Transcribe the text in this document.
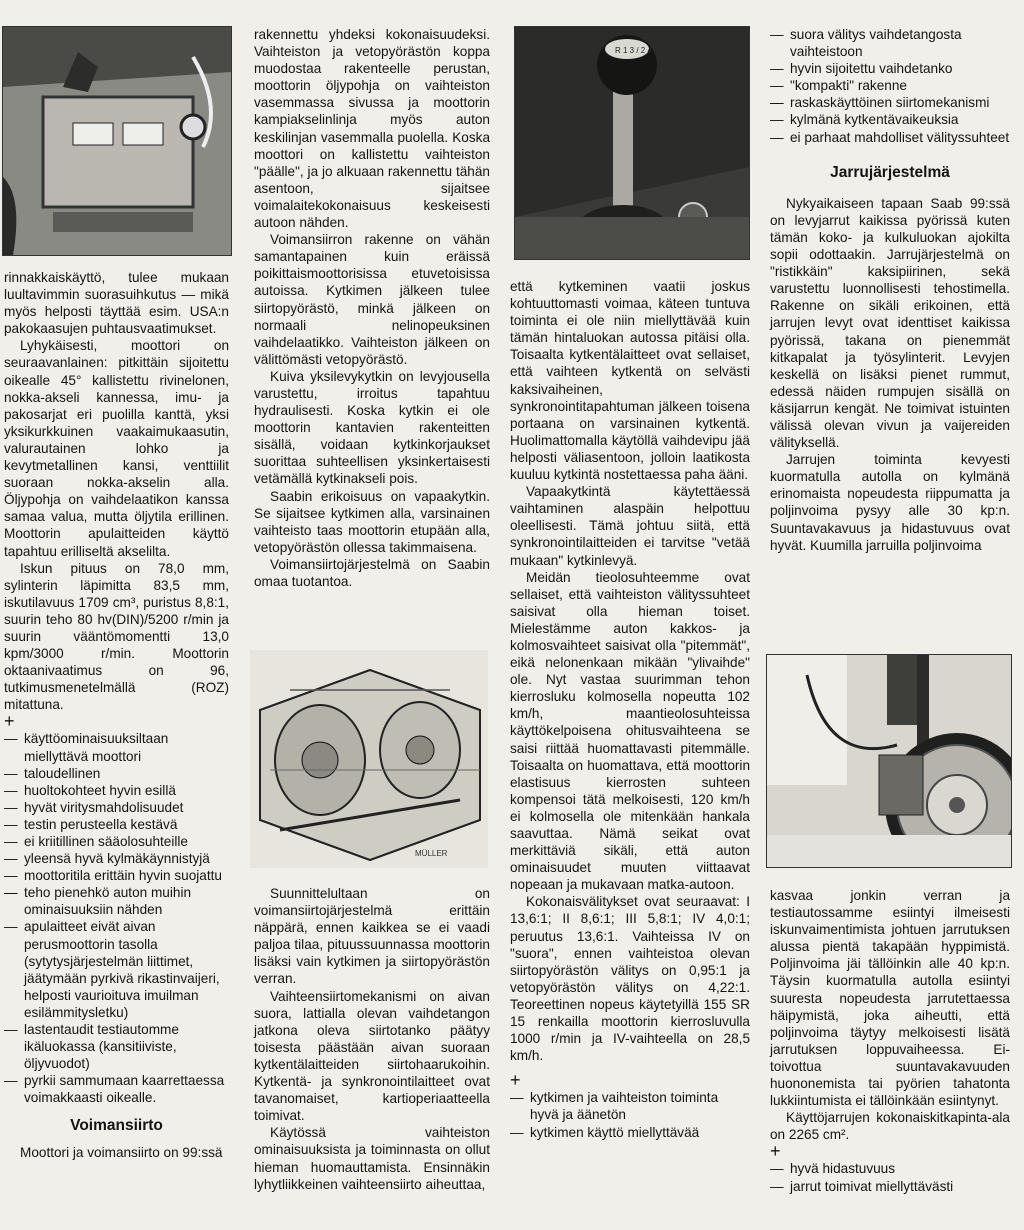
rinnakkaiskäyttö, tulee mukaan luultavimmin suorasuihkutus — mikä myös helposti täyttää esim. USA:n pakokaasujen puhtausvaatimukset.

Lyhykäisesti, moottori on seuraavanlainen: pitkittäin sijoitettu oikealle 45° kallistettu rivinelonen, nokka-akseli kannessa, imu- ja pakosarjat eri puolilla kanttä, yksi yksikurkkuinen vaakaimukaasutin, valurautainen lohko ja kevytmetallinen kansi, venttiilit suoraan nokka-akselin alla. Öljypohja on vaihdelaatikon kanssa samaa valua, mutta öljytila erillinen. Moottorin apulaitteiden käyttö tapahtuu erilliseltä akselilta.

Iskun pituus on 78,0 mm, sylinterin läpimitta 83,5 mm, iskutilavuus 1709 cm³, puristus 8,8:1, suurin teho 80 hv(DIN)/5200 r/min ja suurin vääntömomentti 13,0 kpm/3000 r/min. Moottorin oktaanivaatimus on 96, tutkimusmenetelmällä (ROZ) mitattuna.

+
— käyttöominaisuuksiltaan miellyttävä moottori
— taloudellinen
— huoltokohteet hyvin esillä
— hyvät viritysmahdolisuudet
— testin perusteella kestävä
— ei kriitillinen sääolosuhteille
— yleensä hyvä kylmäkäynnistyjä
— moottoritila erittäin hyvin suojattu
— teho pienehkö auton muihin ominaisuuksiin nähden
— apulaitteet eivät aivan perusmoottorin tasolla (sytytysjärjestelmän liittimet, jäätymään pyrkivä rikastinvaijeri, helposti vaurioituva imuilman esilämmitysletku)
— lastentaudit testiautomme ikäluokassa (kansitiiviste, öljyvuodot)
— pyrkii sammumaan kaarrettaessa voimakkaasti oikealle.
Voimansiirto

Moottori ja voimansiirto on 99:ssä

rakennettu yhdeksi kokonaisuudeksi. Vaihteiston ja vetopyörästön koppa muodostaa rakenteelle perustan, moottorin öljypohja on vaihteiston vasemmassa sivussa ja moottorin kampiakselinlinja myös auton keskilinjan vasemmalla puolella. Koska moottori on kallistettu vaihteiston "päälle", ja jo alkuaan rakennettu tähän asentoon, sijaitsee voimalaitekokonaisuus keskeisesti autoon nähden.

Voimansiirron rakenne on vähän samantapainen kuin eräissä poikittaismoottorisissa etuvetoisissa autoissa. Kytkimen jälkeen tulee siirtopyörästö, minkä jälkeen on normaali nelinopeuksinen vaihdelaatikko. Vaihteiston jälkeen on välittömästi vetopyörästö.

Kuiva yksilevykytkin on levyjousella varustettu, irroitus tapahtuu hydraulisesti. Koska kytkin ei ole moottorin kantavien rakenteitten sisällä, voidaan kytkinkorjaukset suorittaa suhteellisen yksinkertaisesti vetämällä kytkinakseli pois.

Saabin erikoisuus on vapaakytkin. Se sijaitsee kytkimen alla, varsinainen vaihteisto taas moottorin etupään alla, vetopyörästön ollessa takimmaisena.

Voimansiirtojärjestelmä on Saabin omaa tuotantoa.

MÜLLER

Suunnittelultaan on voimansiirtojärjestelmä erittäin näppärä, ennen kaikkea se ei vaadi paljoa tilaa, pituussuunnassa moottorin lisäksi vain kytkimen ja siirtopyörästön verran.

Vaihteensiirtomekanismi on aivan suora, lattialla olevan vaihdetangon jatkona oleva siirtotanko päätyy toisesta päästään aivan suoraan kytkentälaitteiden siirtohaarukoihin. Kytkentä- ja synkronointilaitteet ovat tavanomaiset, kartioperiaatteella toimivat.

Käytössä vaihteiston ominaisuuksista ja toiminnasta on ollut hieman huomauttamista. Ensinnäkin lyhytliikkeinen vaihteensiirto aiheuttaa,

R 1 3 / 2 4

että kytkeminen vaatii joskus kohtuuttomasti voimaa, käteen tuntuva toiminta ei ole niin miellyttävää kuin tämän hintaluokan autossa pitäisi olla. Toisaalta kytkentälaitteet ovat sellaiset, että vaihteen kytkentä on selvästi kaksivaiheinen, synkronointitapahtuman jälkeen toisena portaana on varsinainen kytkentä. Huolimattomalla käytöllä vaihdevipu jää helposti väliasentoon, jolloin laatikosta kuuluu kytkintä nostettaessa paha ääni.

Vapaakytkintä käytettäessä vaihtaminen alaspäin helpottuu oleellisesti. Tämä johtuu siitä, että synkronointilaitteiden ei tarvitse "vetää mukaan" kytkinlevyä.

Meidän tieolosuhteemme ovat sellaiset, että vaihteiston välityssuhteet saisivat olla hieman toiset. Mielestämme auton kakkos- ja kolmosvaihteet saisivat olla "pitemmät", eikä nelonenkaan mikään "ylivaihde" ole. Nyt vastaa suurimman tehon kierrosluku kolmosella nopeutta 102 km/h, maantieolosuhteissa käyttökelpoisena ohitusvaihteena se saisi riittää huomattavasti pitemmälle. Toisaalta on huomattava, että moottorin elastisuus kierrosten suhteen kompensoi tätä melkoisesti, 120 km/h ei kolmosella ole mitenkään hankala saavuttaa. Nämä seikat ovat merkittäviä sikäli, että auton ominaisuudet muuten viittaavat nopeaan ja mukavaan matka-autoon.

Kokonaisvälitykset ovat seuraavat: I 13,6:1; II 8,6:1; III 5,8:1; IV 4,0:1; peruutus 13,6:1. Vaihteissa IV on "suora", ennen vaihteistoa olevan siirtopyörästön välitys on 0,95:1 ja vetopyörästön välitys on 4,22:1. Teoreettinen nopeus käytetyillä 155 SR 15 renkailla moottorin kierrosluvulla 1000 r/min ja IV-vaihteella on 28,5 km/h.

+
— kytkimen ja vaihteiston toiminta hyvä ja äänetön
— kytkimen käyttö miellyttävää
— suora välitys vaihdetangosta vaihteistoon
— hyvin sijoitettu vaihdetanko
— "kompakti" rakenne
— raskaskäyttöinen siirtomekanismi
— kylmänä kytkentävaikeuksia
— ei parhaat mahdolliset välityssuhteet
Jarrujärjestelmä

Nykyaikaiseen tapaan Saab 99:ssä on levyjarrut kaikissa pyörissä kuten tämän koko- ja kulkuluokan ajokilta sopii odottaakin. Jarrujärjestelmä on "ristikkäin" kaksipiirinen, sekä varustettu luonnollisesti tehostimella. Rakenne on sikäli erikoinen, että jarrujen levyt ovat identtiset kaikissa pyörissä, takana on pienemmät kitkapalat ja työsylinterit. Levyjen keskellä on lisäksi pienet rummut, edessä näiden rumpujen sisällä on käsijarrun kengät. Ne toimivat istuinten välissä olevan vivun ja vaijereiden välityksellä.

Jarrujen toiminta kevyesti kuormatulla autolla on kylmänä erinomaista nopeudesta riippumatta ja poljinvoima pysyy alle 30 kp:n. Suuntavakavuus ja hidastuvuus ovat hyvät. Kuumilla jarruilla poljinvoima

kasvaa jonkin verran ja testiautossamme esiintyi ilmeisesti iskunvaimentimista johtuen jarrutuksen alussa pientä takapään hyppimistä. Poljinvoima jäi tällöinkin alle 40 kp:n. Täysin kuormatulla autolla esiintyi suuresta nopeudesta jarrutettaessa häipymistä, joka aiheutti, että poljinvoima täytyy melkoisesti lisätä jarrutuksen loppuvaiheessa. Ei-toivottua suuntavakavuuden huononemista tai pyörien tahatonta lukkiintumista ei tällöinkään esiintynyt.

Käyttöjarrujen kokonaiskitkapinta-ala on 2265 cm².

+
— hyvä hidastuvuus
— jarrut toimivat miellyttävästi
